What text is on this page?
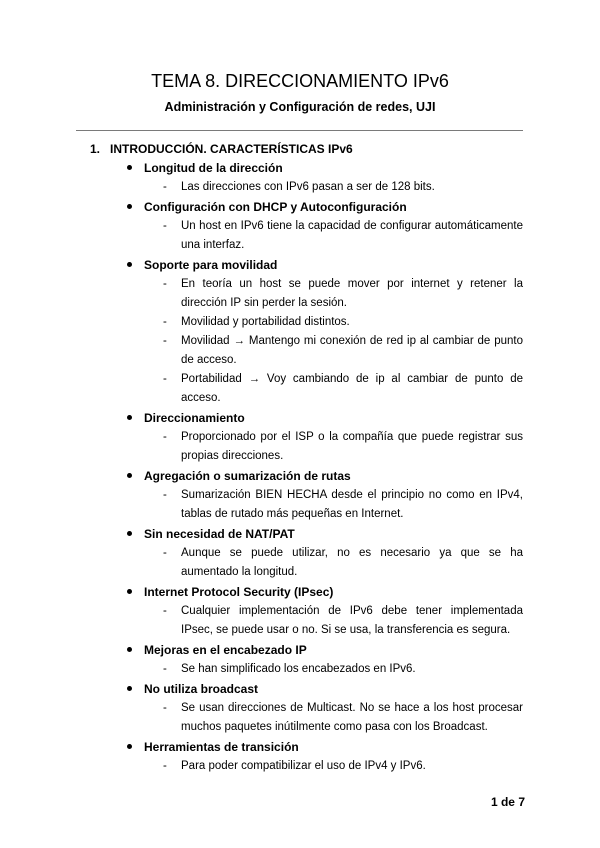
TEMA 8. DIRECCIONAMIENTO IPv6
Administración y Configuración de redes, UJI
1. INTRODUCCIÓN. CARACTERÍSTICAS IPv6
Longitud de la dirección
- Las direcciones con IPv6 pasan a ser de 128 bits.
Configuración con DHCP y Autoconfiguración
- Un host en IPv6 tiene la capacidad de configurar automáticamente una interfaz.
Soporte para movilidad
- En teoría un host se puede mover por internet y retener la dirección IP sin perder la sesión.
- Movilidad y portabilidad distintos.
- Movilidad → Mantengo mi conexión de red ip al cambiar de punto de acceso.
- Portabilidad → Voy cambiando de ip al cambiar de punto de acceso.
Direccionamiento
- Proporcionado por el ISP o la compañía que puede registrar sus propias direcciones.
Agregación o sumarización de rutas
- Sumarización BIEN HECHA desde el principio no como en IPv4, tablas de rutado más pequeñas en Internet.
Sin necesidad de NAT/PAT
- Aunque se puede utilizar, no es necesario ya que se ha aumentado la longitud.
Internet Protocol Security (IPsec)
- Cualquier implementación de IPv6 debe tener implementada IPsec, se puede usar o no. Si se usa, la transferencia es segura.
Mejoras en el encabezado IP
- Se han simplificado los encabezados en IPv6.
No utiliza broadcast
- Se usan direcciones de Multicast. No se hace a los host procesar muchos paquetes inútilmente como pasa con los Broadcast.
Herramientas de transición
- Para poder compatibilizar el uso de IPv4 y IPv6.
1 de 7
